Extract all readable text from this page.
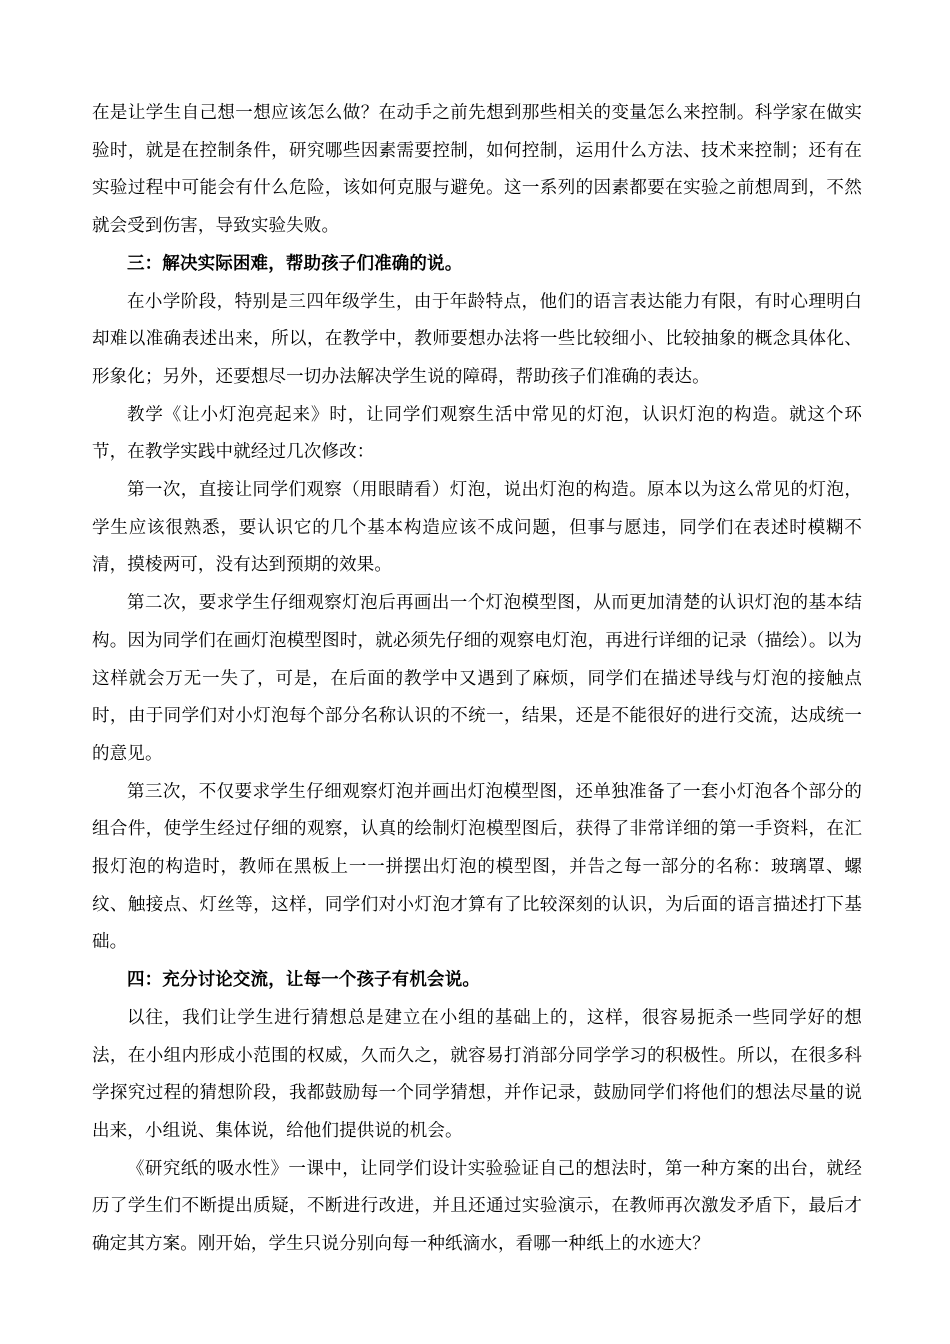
在是让学生自己想一想应该怎么做？在动手之前先想到那些相关的变量怎么来控制。科学家在做实验时，就是在控制条件，研究哪些因素需要控制，如何控制，运用什么方法、技术来控制；还有在实验过程中可能会有什么危险，该如何克服与避免。这一系列的因素都要在实验之前想周到，不然就会受到伤害，导致实验失败。

三：解决实际困难，帮助孩子们准确的说。

在小学阶段，特别是三四年级学生，由于年龄特点，他们的语言表达能力有限，有时心理明白却难以准确表述出来，所以，在教学中，教师要想办法将一些比较细小、比较抽象的概念具体化、形象化；另外，还要想尽一切办法解决学生说的障碍，帮助孩子们准确的表达。

教学《让小灯泡亮起来》时，让同学们观察生活中常见的灯泡，认识灯泡的构造。就这个环节，在教学实践中就经过几次修改：

第一次，直接让同学们观察（用眼睛看）灯泡，说出灯泡的构造。原本以为这么常见的灯泡，学生应该很熟悉，要认识它的几个基本构造应该不成问题，但事与愿违，同学们在表述时模糊不清，摸棱两可，没有达到预期的效果。

第二次，要求学生仔细观察灯泡后再画出一个灯泡模型图，从而更加清楚的认识灯泡的基本结构。因为同学们在画灯泡模型图时，就必须先仔细的观察电灯泡，再进行详细的记录（描绘）。以为这样就会万无一失了，可是，在后面的教学中又遇到了麻烦，同学们在描述导线与灯泡的接触点时，由于同学们对小灯泡每个部分名称认识的不统一，结果，还是不能很好的进行交流，达成统一的意见。

第三次，不仅要求学生仔细观察灯泡并画出灯泡模型图，还单独准备了一套小灯泡各个部分的组合件，使学生经过仔细的观察，认真的绘制灯泡模型图后，获得了非常详细的第一手资料，在汇报灯泡的构造时，教师在黑板上一一拼摆出灯泡的模型图，并告之每一部分的名称：玻璃罩、螺纹、触接点、灯丝等，这样，同学们对小灯泡才算有了比较深刻的认识，为后面的语言描述打下基础。

四：充分讨论交流，让每一个孩子有机会说。

以往，我们让学生进行猜想总是建立在小组的基础上的，这样，很容易扼杀一些同学好的想法，在小组内形成小范围的权威，久而久之，就容易打消部分同学学习的积极性。所以，在很多科学探究过程的猜想阶段，我都鼓励每一个同学猜想，并作记录，鼓励同学们将他们的想法尽量的说出来，小组说、集体说，给他们提供说的机会。

《研究纸的吸水性》一课中，让同学们设计实验验证自己的想法时，第一种方案的出台，就经历了学生们不断提出质疑，不断进行改进，并且还通过实验演示，在教师再次激发矛盾下，最后才确定其方案。刚开始，学生只说分别向每一种纸滴水，看哪一种纸上的水迹大？
